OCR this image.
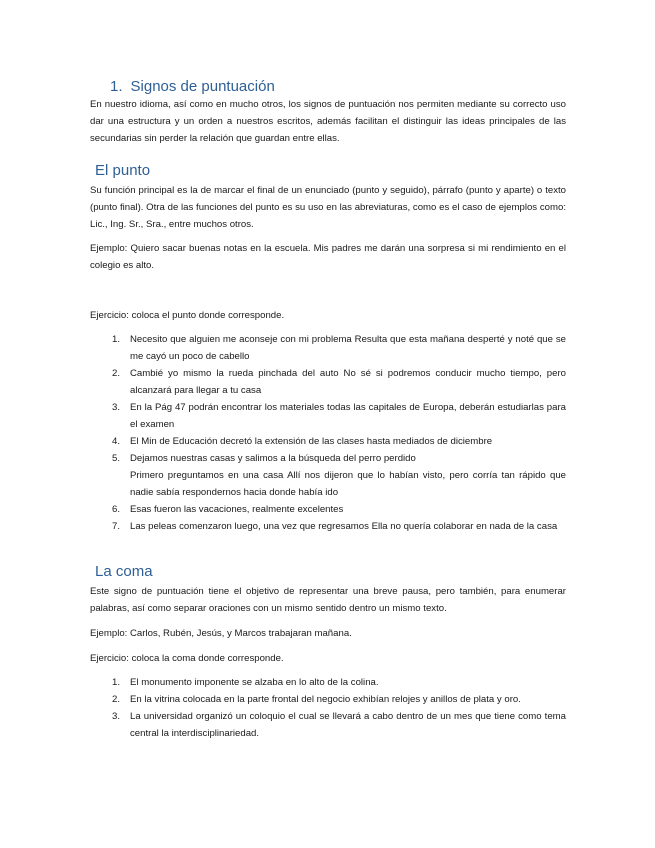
1. Signos de puntuación
En nuestro idioma, así como en mucho otros, los signos de puntuación nos permiten mediante su correcto uso dar una estructura y un orden a nuestros escritos, además facilitan el distinguir las ideas principales de las secundarias sin perder la relación que guardan entre ellas.
El punto
Su función principal es la de marcar el final de un enunciado (punto y seguido), párrafo (punto y aparte) o texto (punto final). Otra de las funciones del punto es su uso en las abreviaturas, como es el caso de ejemplos como: Lic., Ing. Sr., Sra., entre muchos otros.
Ejemplo: Quiero sacar buenas notas en la escuela. Mis padres me darán una sorpresa si mi rendimiento en el colegio es alto.
Ejercicio: coloca el punto donde corresponde.
1. Necesito que alguien me aconseje con mi problema Resulta que esta mañana desperté y noté que se me cayó un poco de cabello
2. Cambié yo mismo la rueda pinchada del auto No sé si podremos conducir mucho tiempo, pero alcanzará para llegar a tu casa
3. En la Pág 47 podrán encontrar los materiales todas las capitales de Europa, deberán estudiarlas para el examen
4. El Min de Educación decretó la extensión de las clases hasta mediados de diciembre
5. Dejamos nuestras casas y salimos a la búsqueda del perro perdido
Primero preguntamos en una casa Allí nos dijeron que lo habían visto, pero corría tan rápido que nadie sabía respondernos hacia donde había ido
6. Esas fueron las vacaciones, realmente excelentes
7. Las peleas comenzaron luego, una vez que regresamos Ella no quería colaborar en nada de la casa
La coma
Este signo de puntuación tiene el objetivo de representar una breve pausa, pero también, para enumerar palabras, así como separar oraciones con un mismo sentido dentro un mismo texto.
Ejemplo: Carlos, Rubén, Jesús, y Marcos trabajaran mañana.
Ejercicio: coloca la coma donde corresponde.
1. El monumento imponente se alzaba en lo alto de la colina.
2. En la vitrina colocada en la parte frontal del negocio exhibían relojes y anillos de plata y oro.
3. La universidad organizó un coloquio el cual se llevará a cabo dentro de un mes que tiene como tema central la interdisciplinariedad.
